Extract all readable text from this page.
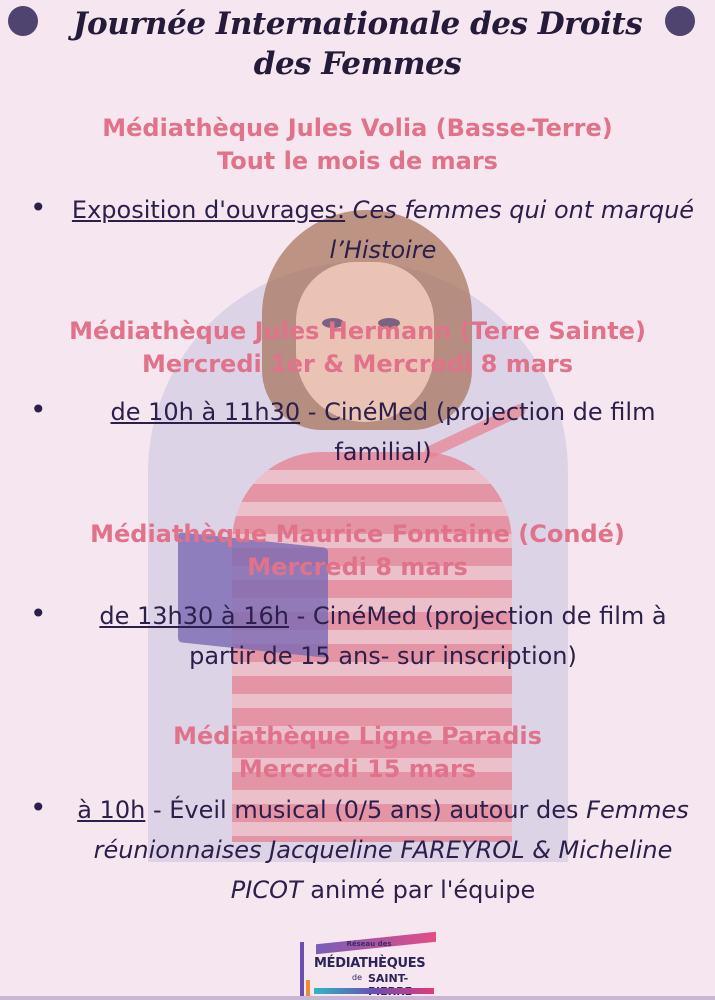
Journée Internationale des Droits des Femmes
Médiathèque Jules Volia (Basse-Terre)
Tout le mois de mars
• Exposition d'ouvrages: Ces femmes qui ont marqué l’Histoire
Médiathèque Jules Hermann (Terre Sainte)
Mercredi 1er & Mercredi 8 mars
•	de 10h à 11h30 - CinéMed (projection de film familial)
Médiathèque Maurice Fontaine (Condé)
Mercredi 8 mars
•	de 13h30 à 16h - CinéMed (projection de film à partir de 15 ans- sur inscription)
Médiathèque Ligne Paradis
Mercredi 15 mars
•	à 10h - Éveil musical (0/5 ans) autour des Femmes réunionnaises Jacqueline FAREYROL & Micheline PICOT animé par l'équipe
Réseau des
MÉDIATHÈQUES
de SAINT-
